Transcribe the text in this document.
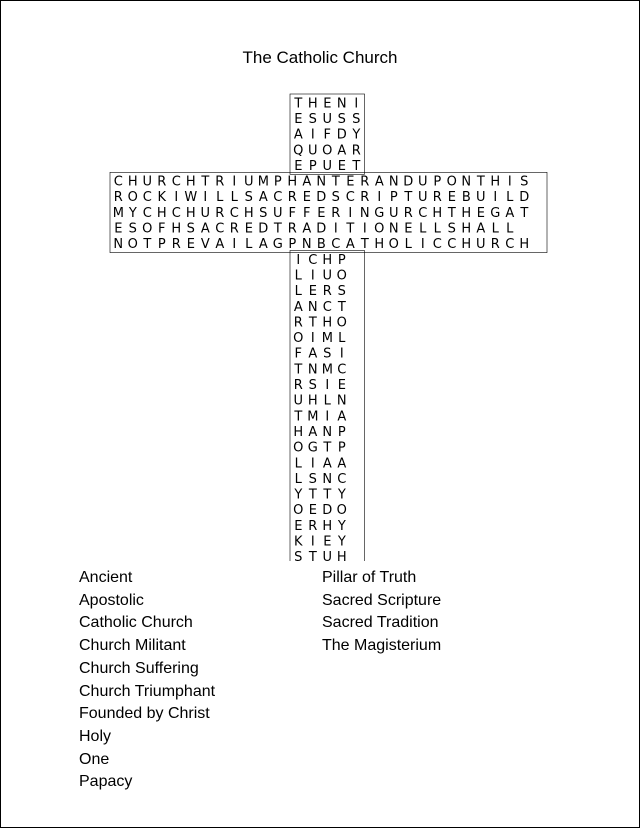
The Catholic Church
T H E N I
E S U S S
A I F D Y
Q U O A R
E P U E T
C H U R C H T R I U M P H A N T E R A N D U P O N T H I S
R O C K I W I L L S A C R E D S C R I P T U R E B U I L D
M Y C H C H U R C H S U F F E R I N G U R C H T H E G A T
E S O F H S A C R E D T R A D I T I O N E L L S H A L L
N O T P R E V A I L A G P N B C A T H O L I C C H U R C H
I C H P
L I U O
L E R S
A N C T
R T H O
O I M L
F A S I
T N M C
R S I E
U H L N
T M I A
H A N P
O G T P
L I A A
L S N C
Y T T Y
O E D O
E R H Y
K I E Y
S T U H
Ancient
Apostolic
Catholic Church
Church Militant
Church Suffering
Church Triumphant
Founded by Christ
Holy
One
Papacy
Pillar of Truth
Sacred Scripture
Sacred Tradition
The Magisterium
